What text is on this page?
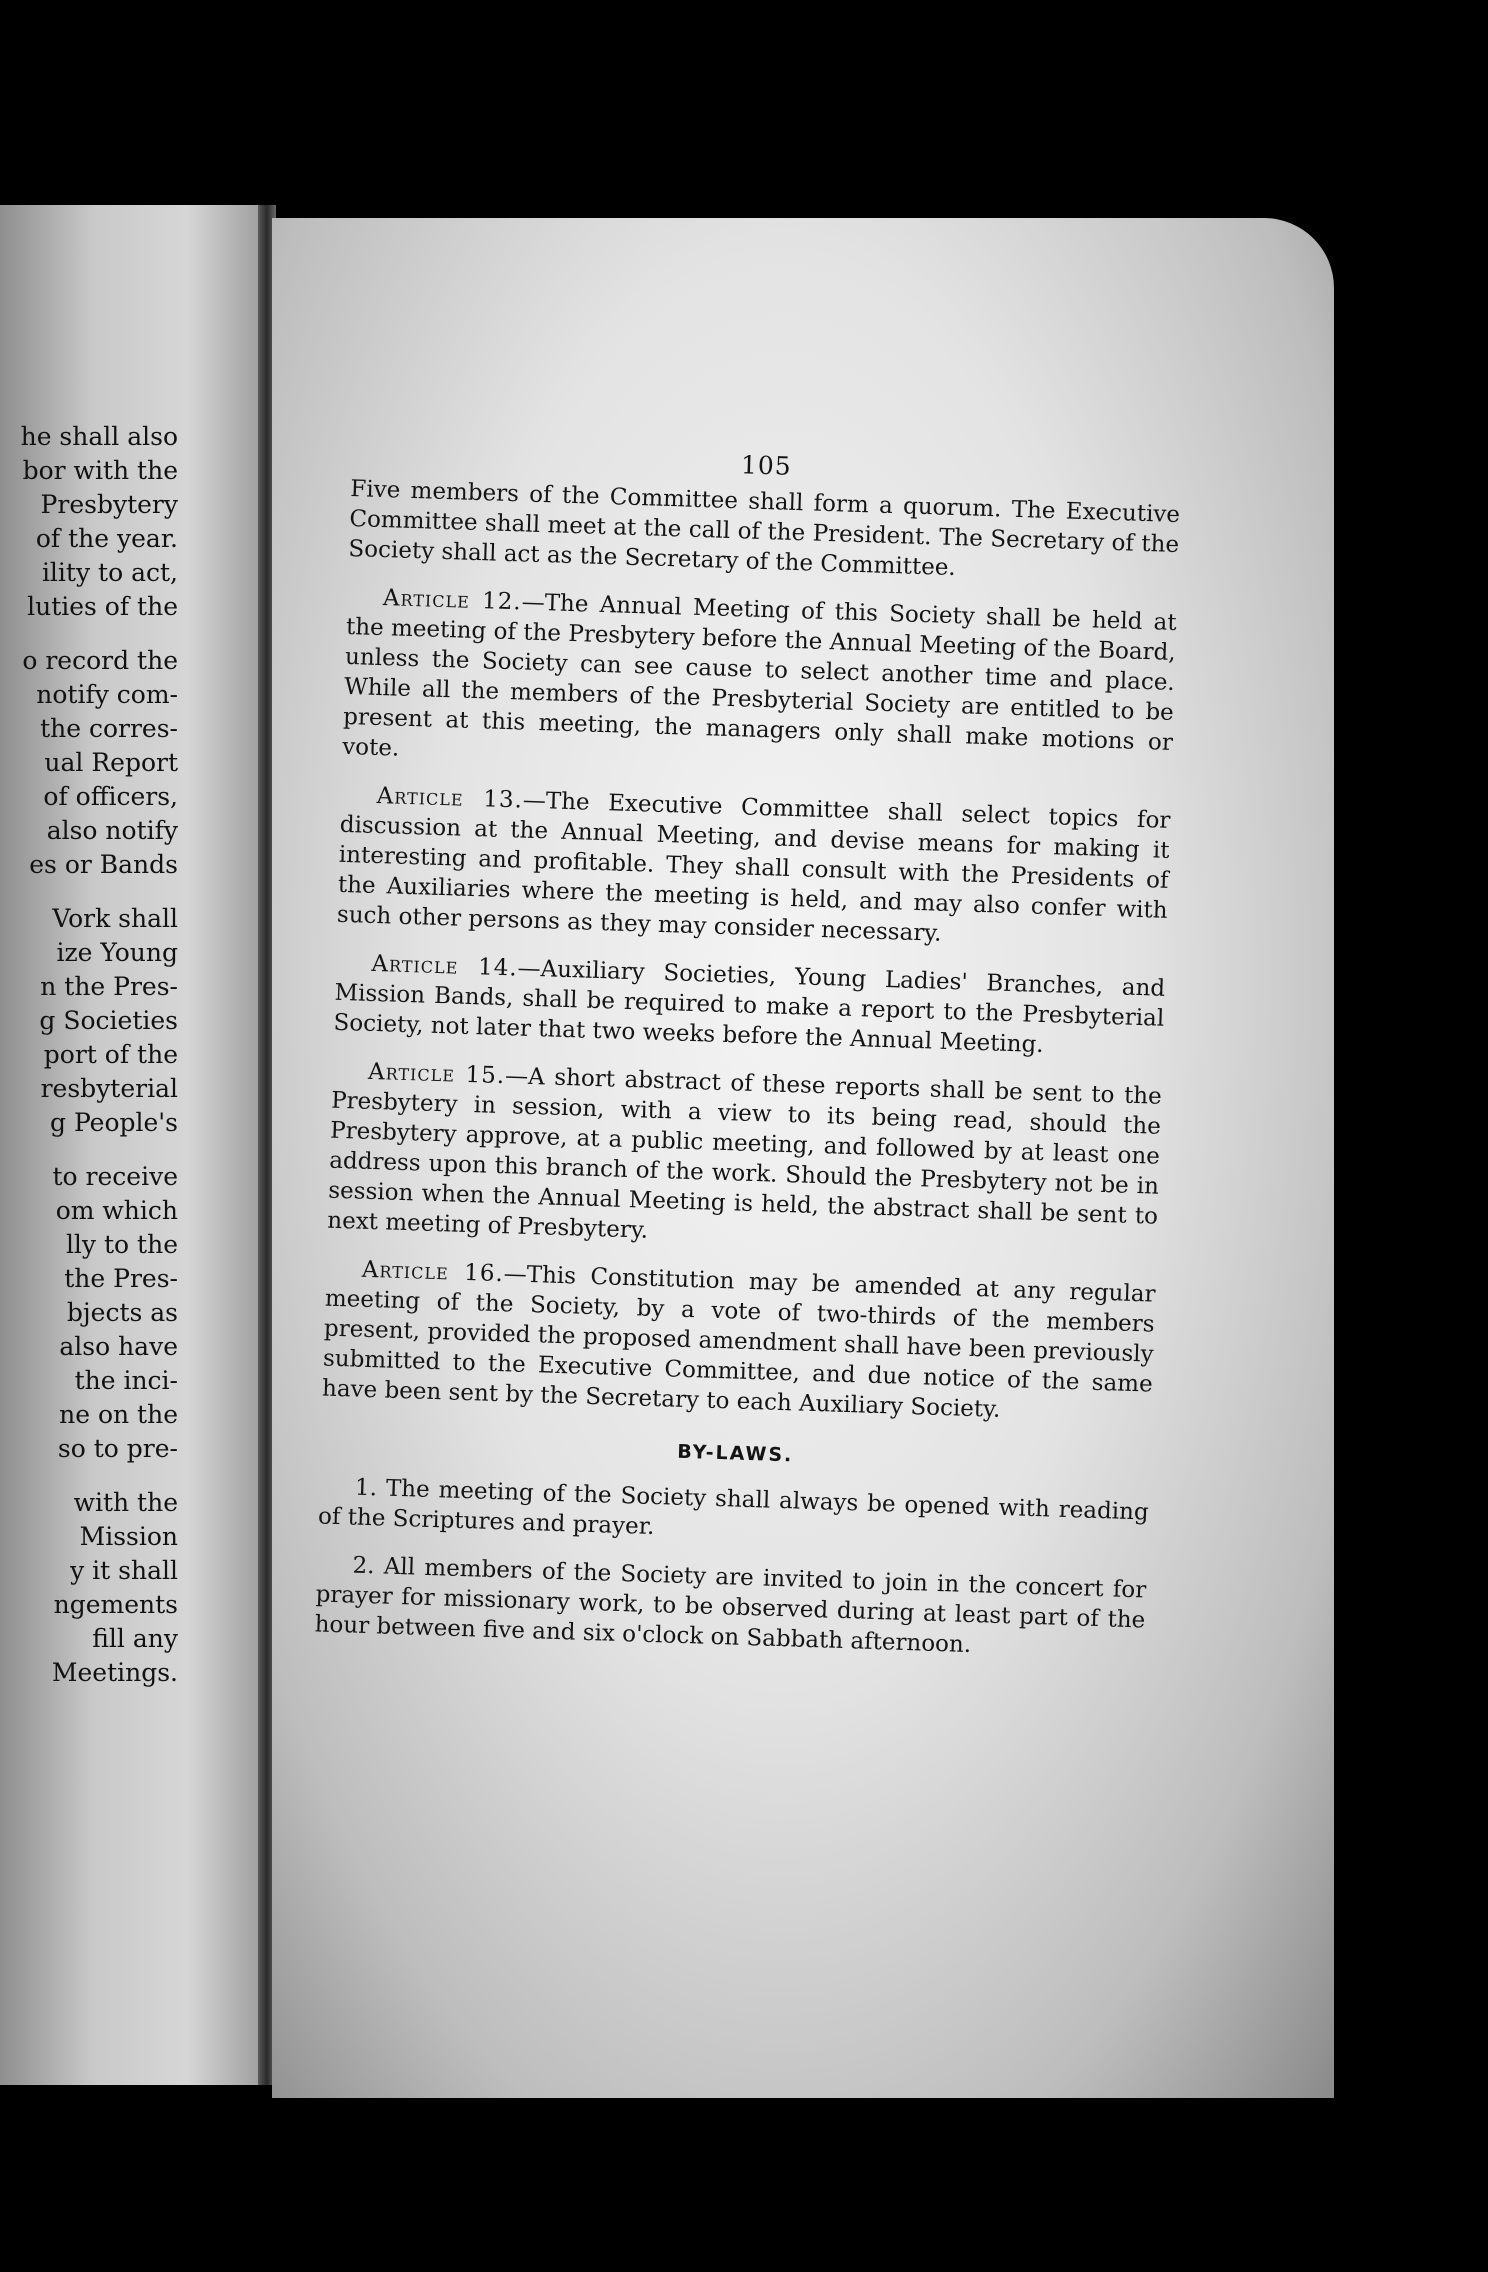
he shall also
bor with the
Presbytery
of the year.
ility to act,
luties of the
o record the
notify com-
the corres-
ual Report
of officers,
also notify
es or Bands
Vork shall
ize Young
n the Pres-
g Societies
port of the
resbyterial
g People's
to receive
om which
lly to the
the Pres-
bjects as
also have
the inci-
ne on the
so to pre-
with the
Mission
y it shall
ngements
fill any
Meetings.
105

Five members of the Committee shall form a quorum. The Executive Committee shall meet at the call of the President. The Secretary of the Society shall act as the Secretary of the Committee.

Article 12.—The Annual Meeting of this Society shall be held at the meeting of the Presbytery before the Annual Meeting of the Board, unless the Society can see cause to select another time and place. While all the members of the Presbyterial Society are entitled to be present at this meeting, the managers only shall make motions or vote.

Article 13.—The Executive Committee shall select topics for discussion at the Annual Meeting, and devise means for making it interesting and profitable. They shall consult with the Presidents of the Auxiliaries where the meeting is held, and may also confer with such other persons as they may consider necessary.

Article 14.—Auxiliary Societies, Young Ladies' Branches, and Mission Bands, shall be required to make a report to the Presbyterial Society, not later that two weeks before the Annual Meeting.

Article 15.—A short abstract of these reports shall be sent to the Presbytery in session, with a view to its being read, should the Presbytery approve, at a public meeting, and followed by at least one address upon this branch of the work. Should the Presbytery not be in session when the Annual Meeting is held, the abstract shall be sent to next meeting of Presbytery.

Article 16.—This Constitution may be amended at any regular meeting of the Society, by a vote of two-thirds of the members present, provided the proposed amendment shall have been previously submitted to the Executive Committee, and due notice of the same have been sent by the Secretary to each Auxiliary Society.

BY-LAWS.

1. The meeting of the Society shall always be opened with reading of the Scriptures and prayer.

2. All members of the Society are invited to join in the concert for prayer for missionary work, to be observed during at least part of the hour between five and six o'clock on Sabbath afternoon.
